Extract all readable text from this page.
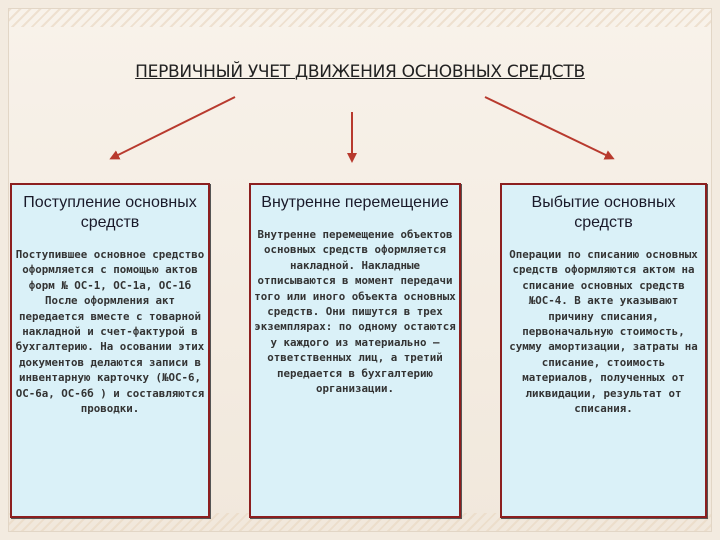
ПЕРВИЧНЫЙ УЧЕТ ДВИЖЕНИЯ ОСНОВНЫХ СРЕДСТВ
Поступление основных средств
Поступившее основное средство оформляется с помощью актов форм № ОС-1, ОС-1а, ОС-1б После оформления акт передается вместе с товарной накладной и счет-фактурой в бухгалтерию. На осовании этих документов делаются записи в инвентарную карточку (№ОС-6, ОС-6а, ОС-6б ) и составляются проводки.
Внутренне перемещение
Внутренне перемещение объектов основных средств оформляется накладной. Накладные отписываются в момент передачи того или иного объекта основных средств. Они пишутся в трех экземплярах: по одному остаются у каждого из материально – ответственных лиц, а третий передается в бухгалтерию организации.
Выбытие основных средств
Операции по списанию основных средств оформляются актом на списание основных средств №ОС-4. В акте указывают причину списания, первоначальную стоимость, сумму амортизации, затраты на списание, стоимость материалов, полученных от ликвидации, результат от списания.
